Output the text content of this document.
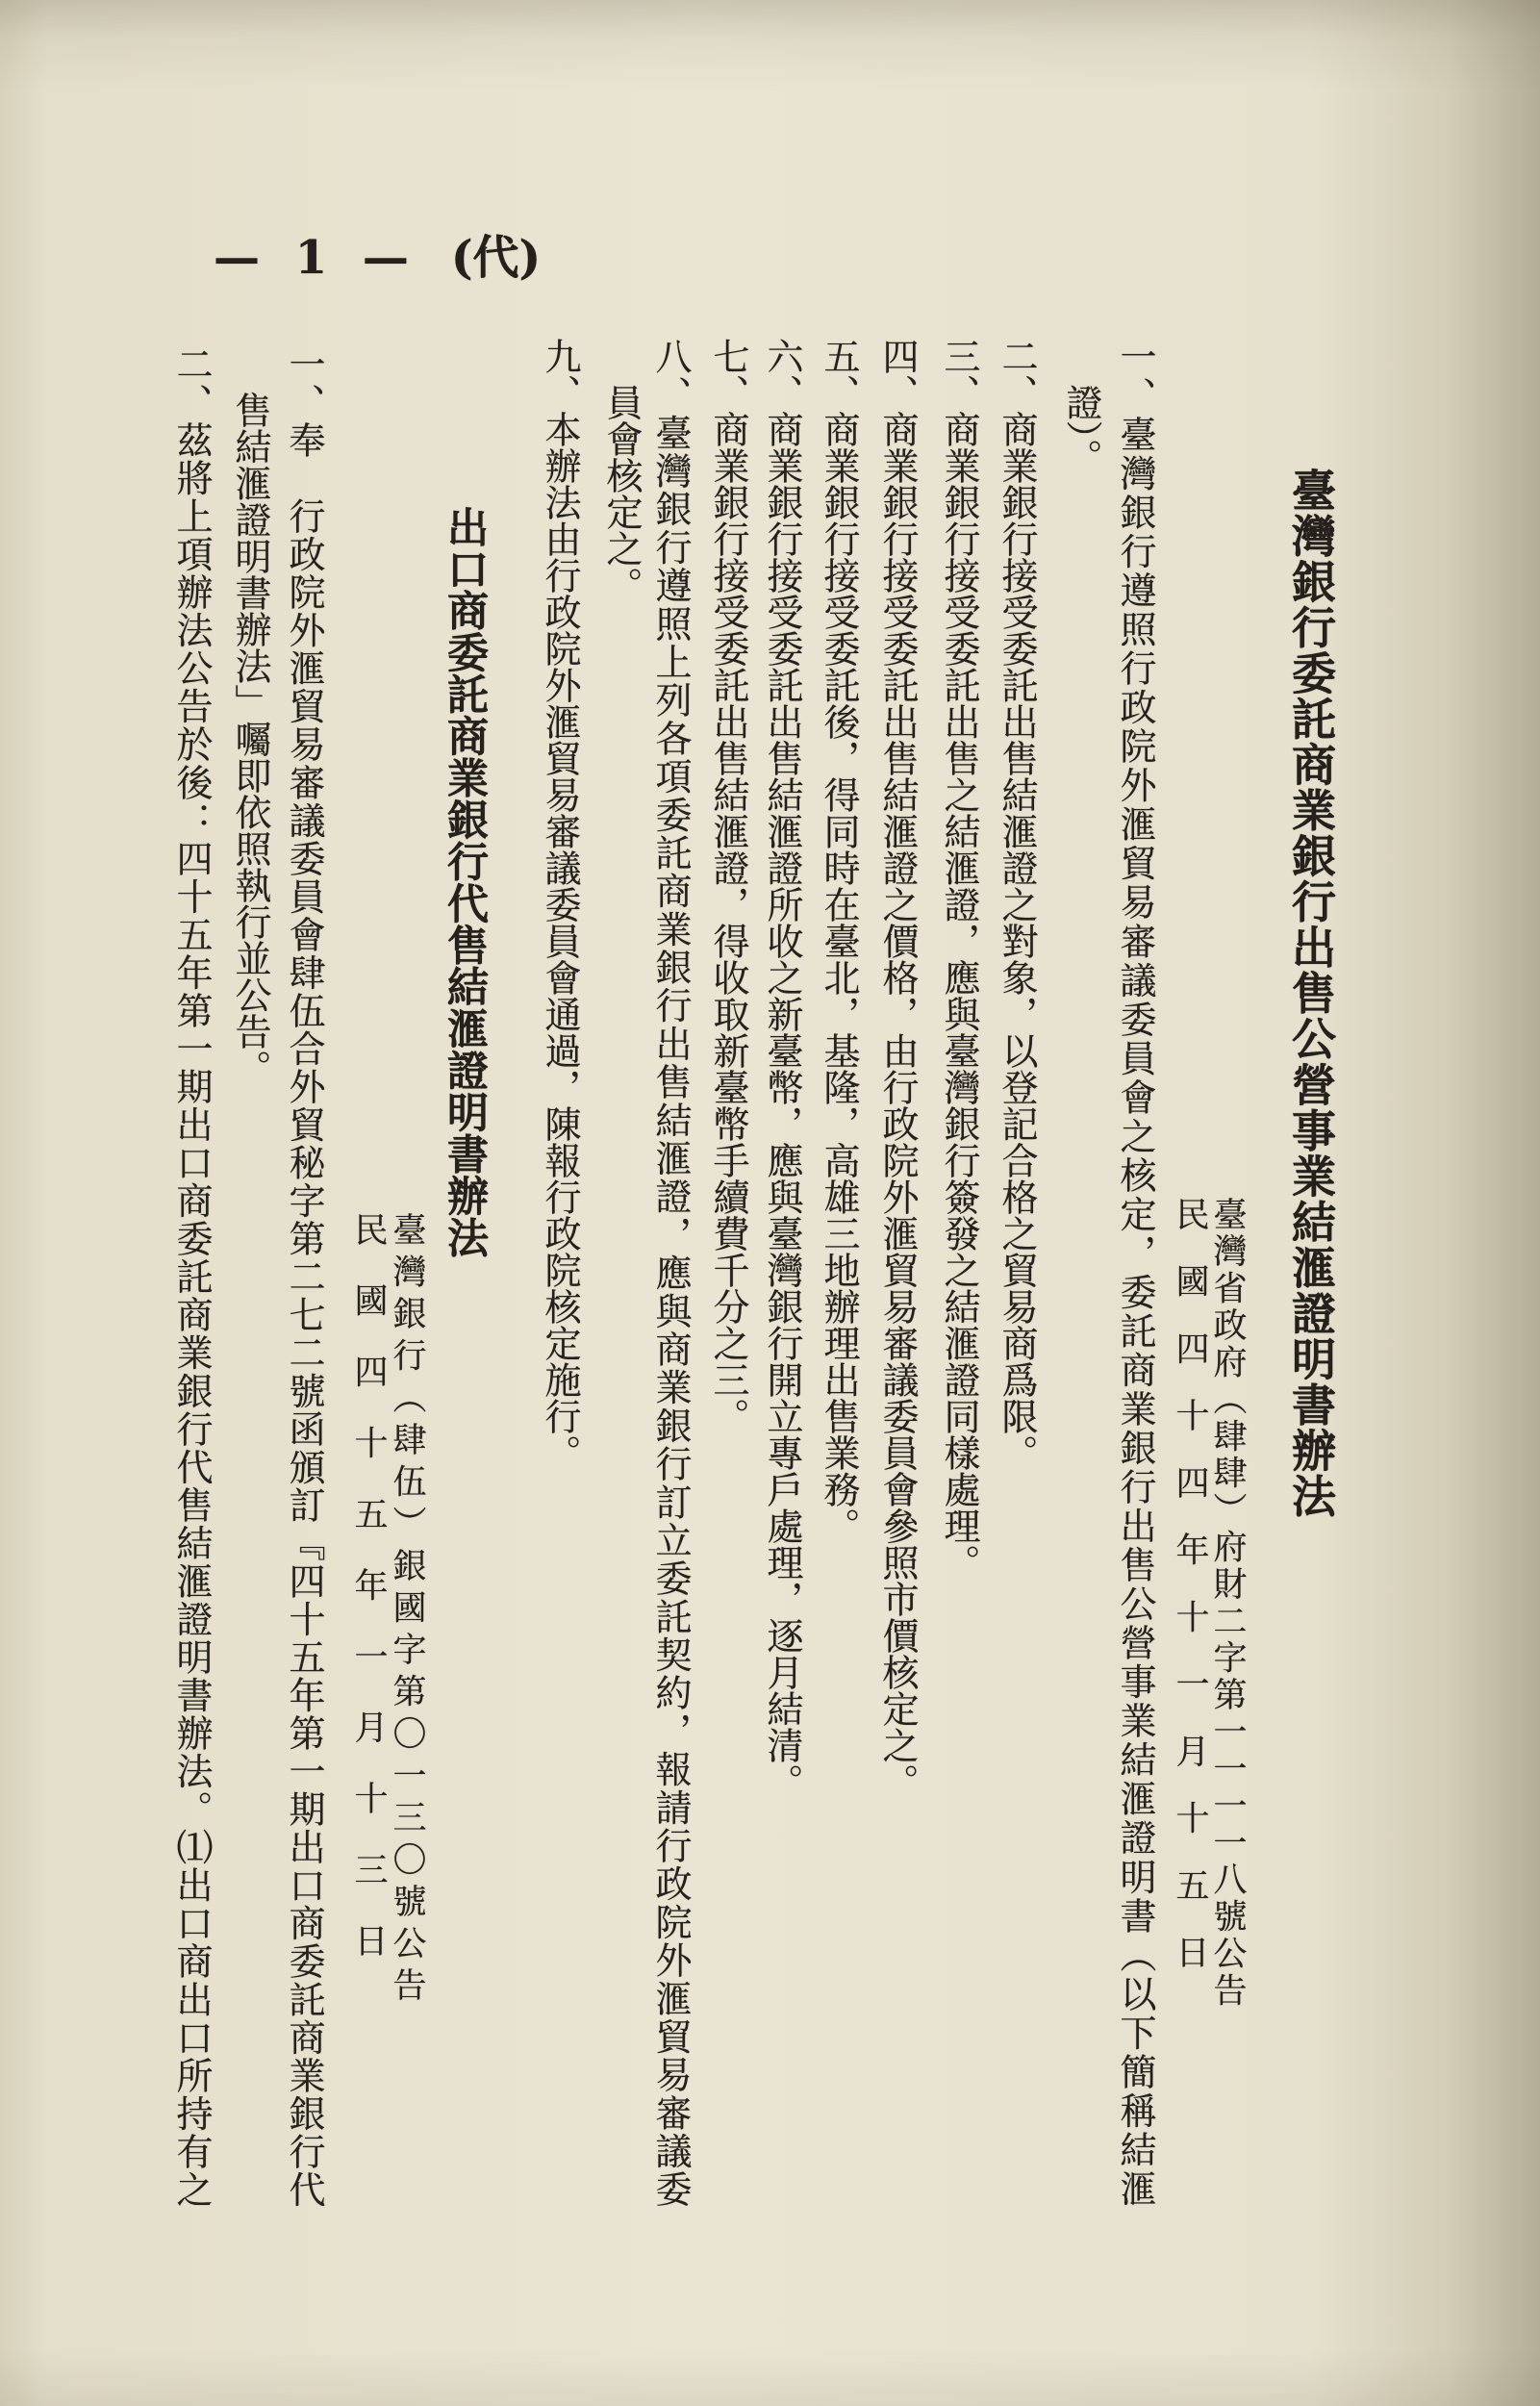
— 1 — (代)
臺灣銀行委託商業銀行出售公營事業結滙證明書辦法
臺灣省政府（肆肆）府財二字第一一一一八號公告
民國四十四年十一月十五日
一、臺灣銀行遵照行政院外滙貿易審議委員會之核定，委託商業銀行出售公營事業結滙證明書（以下簡稱結滙
證）。
二、商業銀行接受委託出售結滙證之對象，以登記合格之貿易商爲限。
三、商業銀行接受委託出售之結滙證，應與臺灣銀行簽發之結滙證同樣處理。
四、商業銀行接受委託出售結滙證之價格，由行政院外滙貿易審議委員會參照市價核定之。
五、商業銀行接受委託後，得同時在臺北，基隆，高雄三地辦理出售業務。
六、商業銀行接受委託出售結滙證所收之新臺幣，應與臺灣銀行開立專戶處理，逐月結清。
七、商業銀行接受委託出售結滙證，得收取新臺幣手續費千分之三。
八、臺灣銀行遵照上列各項委託商業銀行出售結滙證，應與商業銀行訂立委託契約，報請行政院外滙貿易審議委
員會核定之。
九、本辦法由行政院外滙貿易審議委員會通過，陳報行政院核定施行。
出口商委託商業銀行代售結滙證明書辦法
臺灣銀行（肆伍）銀國字第〇一三〇號公告
民國四十五年一月十三日
一、奉　行政院外滙貿易審議委員會肆伍合外貿秘字第二七二號函頒訂『四十五年第一期出口商委託商業銀行代
售結滙證明書辦法」囑即依照執行並公告。
二、茲將上項辦法公告於後：四十五年第一期出口商委託商業銀行代售結滙證明書辦法。⑴出口商出口所持有之
